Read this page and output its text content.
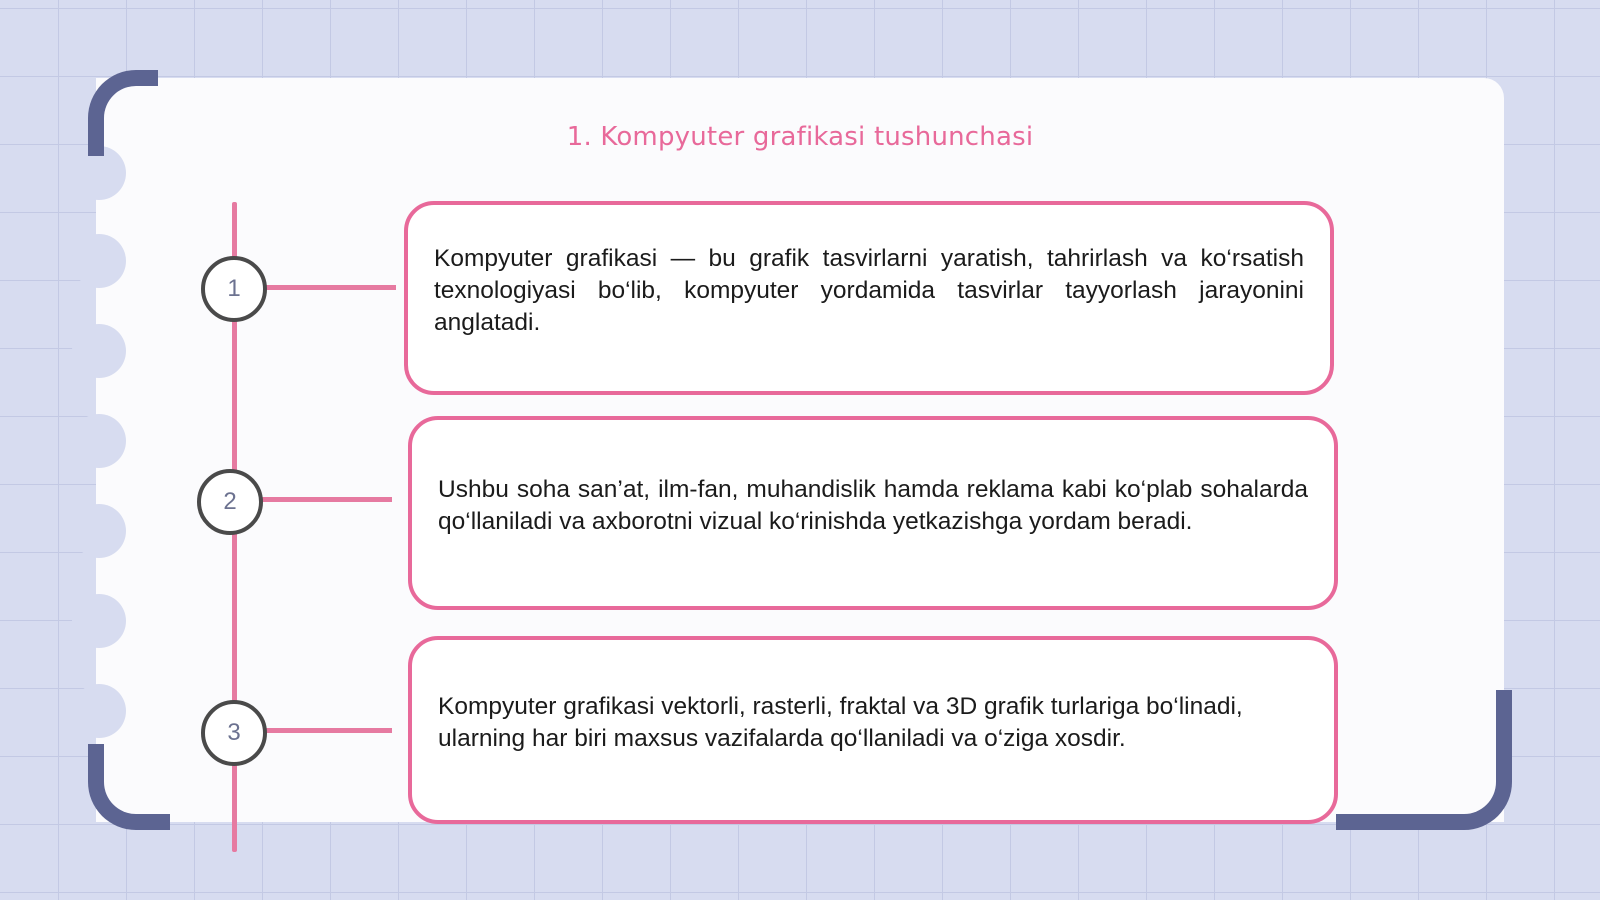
1. Kompyuter grafikasi tushunchasi
1
2
3
Kompyuter grafikasi — bu grafik tasvirlarni yaratish, tahrirlash va ko‘rsatish texnologiyasi bo‘lib, kompyuter yordamida tasvirlar tayyorlash jarayonini anglatadi.
Ushbu soha san’at, ilm-fan, muhandislik hamda reklama kabi ko‘plab sohalarda qo‘llaniladi va axborotni vizual ko‘rinishda yetkazishga yordam beradi.
Kompyuter grafikasi vektorli, rasterli, fraktal va 3D grafik turlariga bo‘linadi, ularning har biri maxsus vazifalarda qo‘llaniladi va o‘ziga xosdir.
